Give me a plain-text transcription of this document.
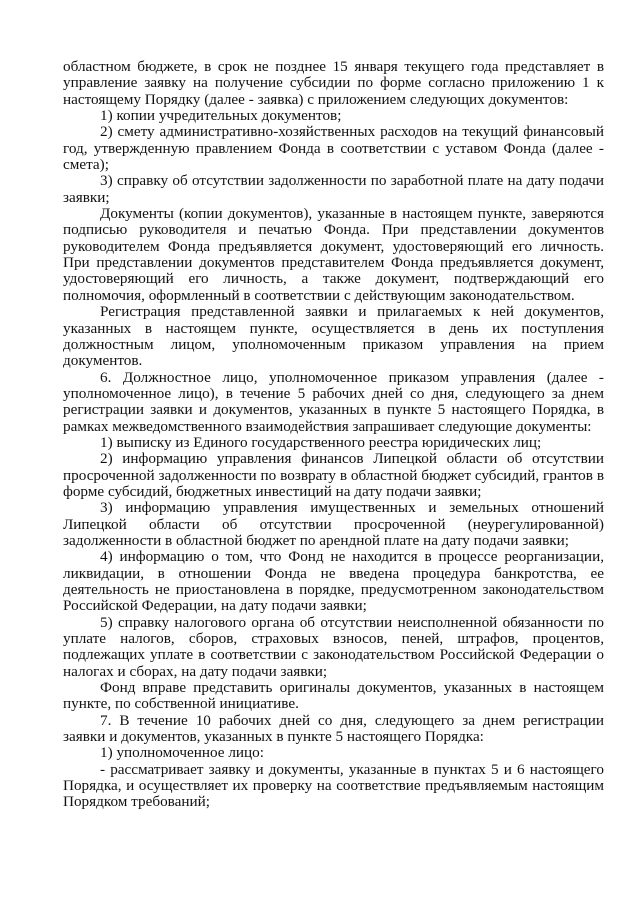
областном бюджете, в срок не позднее 15 января текущего года представляет в управление заявку на получение субсидии по форме согласно приложению 1 к настоящему Порядку (далее - заявка) с приложением следующих документов:

1) копии учредительных документов;

2) смету административно-хозяйственных расходов на текущий финансовый год, утвержденную правлением Фонда в соответствии с уставом Фонда (далее - смета);

3) справку об отсутствии задолженности по заработной плате на дату подачи заявки;

Документы (копии документов), указанные в настоящем пункте, заверяются подписью руководителя и печатью Фонда. При представлении документов руководителем Фонда предъявляется документ, удостоверяющий его личность. При представлении документов представителем Фонда предъявляется документ, удостоверяющий его личность, а также документ, подтверждающий его полномочия, оформленный в соответствии с действующим законодательством.

Регистрация представленной заявки и прилагаемых к ней документов, указанных в настоящем пункте, осуществляется в день их поступления должностным лицом, уполномоченным приказом управления на прием документов.

6. Должностное лицо, уполномоченное приказом управления (далее - уполномоченное лицо), в течение 5 рабочих дней со дня, следующего за днем регистрации заявки и документов, указанных в пункте 5 настоящего Порядка, в рамках межведомственного взаимодействия запрашивает следующие документы:

1) выписку из Единого государственного реестра юридических лиц;

2) информацию управления финансов Липецкой области об отсутствии просроченной задолженности по возврату в областной бюджет субсидий, грантов в форме субсидий, бюджетных инвестиций на дату подачи заявки;

3) информацию управления имущественных и земельных отношений Липецкой области об отсутствии просроченной (неурегулированной) задолженности в областной бюджет по арендной плате на дату подачи заявки;

4) информацию о том, что Фонд не находится в процессе реорганизации, ликвидации, в отношении Фонда не введена процедура банкротства, ее деятельность не приостановлена в порядке, предусмотренном законодательством Российской Федерации, на дату подачи заявки;

5) справку налогового органа об отсутствии неисполненной обязанности по уплате налогов, сборов, страховых взносов, пеней, штрафов, процентов, подлежащих уплате в соответствии с законодательством Российской Федерации о налогах и сборах, на дату подачи заявки;

Фонд вправе представить оригиналы документов, указанных в настоящем пункте, по собственной инициативе.

7. В течение 10 рабочих дней со дня, следующего за днем регистрации заявки и документов, указанных в пункте 5 настоящего Порядка:

1) уполномоченное лицо:

- рассматривает заявку и документы, указанные в пунктах 5 и 6 настоящего Порядка, и осуществляет их проверку на соответствие предъявляемым настоящим Порядком требований;
